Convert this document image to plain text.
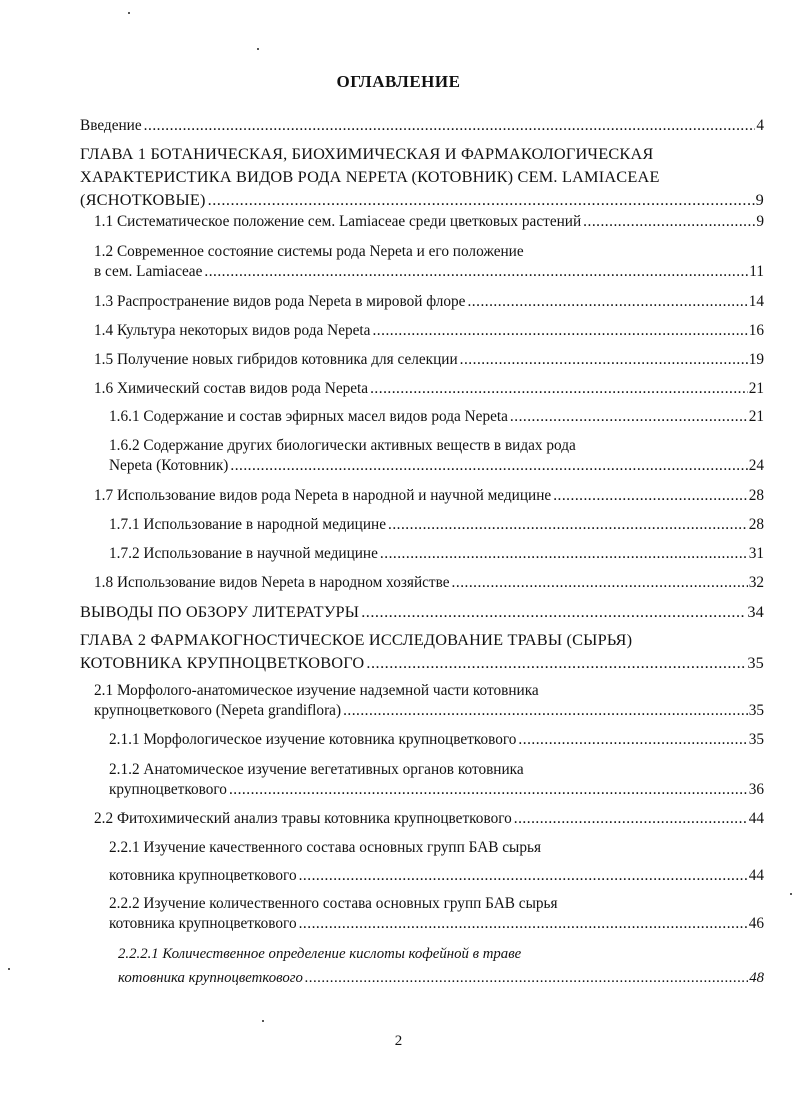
ОГЛАВЛЕНИЕ
Введение .....	4
ГЛАВА 1 БОТАНИЧЕСКАЯ, БИОХИМИЧЕСКАЯ И ФАРМАКОЛОГИЧЕСКАЯ
ХАРАКТЕРИСТИКА ВИДОВ РОДА NEPETA (КОТОВНИК) СЕМ. LAMIACEAE
(ЯСНОТКОВЫЕ) .....	9
1.1 Систематическое положение сем. Lamiaceae среди цветковых растений .....	9
1.2 Современное состояние системы рода Nepeta и его положение
в сем. Lamiaceae .....	11
1.3 Распространение видов рода Nepeta в мировой флоре .....	14
1.4 Культура некоторых видов рода Nepeta .....	16
1.5 Получение новых гибридов котовника для селекции .....	19
1.6 Химический состав видов рода Nepeta .....	21
1.6.1 Содержание и состав эфирных масел видов рода Nepeta .....	21
1.6.2 Содержание других биологически активных веществ в видах рода
Nepeta (Котовник) .....	24
1.7 Использование видов рода Nepeta в народной и научной медицине .....	28
1.7.1 Использование в народной медицине .....	28
1.7.2 Использование в научной медицине .....	31
1.8 Использование видов Nepeta в народном хозяйстве .....	32
ВЫВОДЫ ПО ОБЗОРУ ЛИТЕРАТУРЫ .....	34
ГЛАВА 2 ФАРМАКОГНОСТИЧЕСКОЕ ИССЛЕДОВАНИЕ ТРАВЫ (СЫРЬЯ)
КОТОВНИКА КРУПНОЦВЕТКОВОГО .....	35
2.1 Морфолого-анатомическое изучение надземной части котовника
крупноцветкового (Nepeta grandiflora) .....	35
2.1.1 Морфологическое изучение котовника крупноцветкового .....	35
2.1.2 Анатомическое изучение вегетативных органов котовника
крупноцветкового .....	36
2.2 Фитохимический анализ травы котовника крупноцветкового .....	44
2.2.1 Изучение качественного состава основных групп БАВ сырья
котовника крупноцветкового .....	44
2.2.2 Изучение количественного состава основных групп БАВ сырья
котовника крупноцветкового .....	46
2.2.2.1 Количественное определение кислоты кофейной в траве
котовника крупноцветкового .....	48
2
